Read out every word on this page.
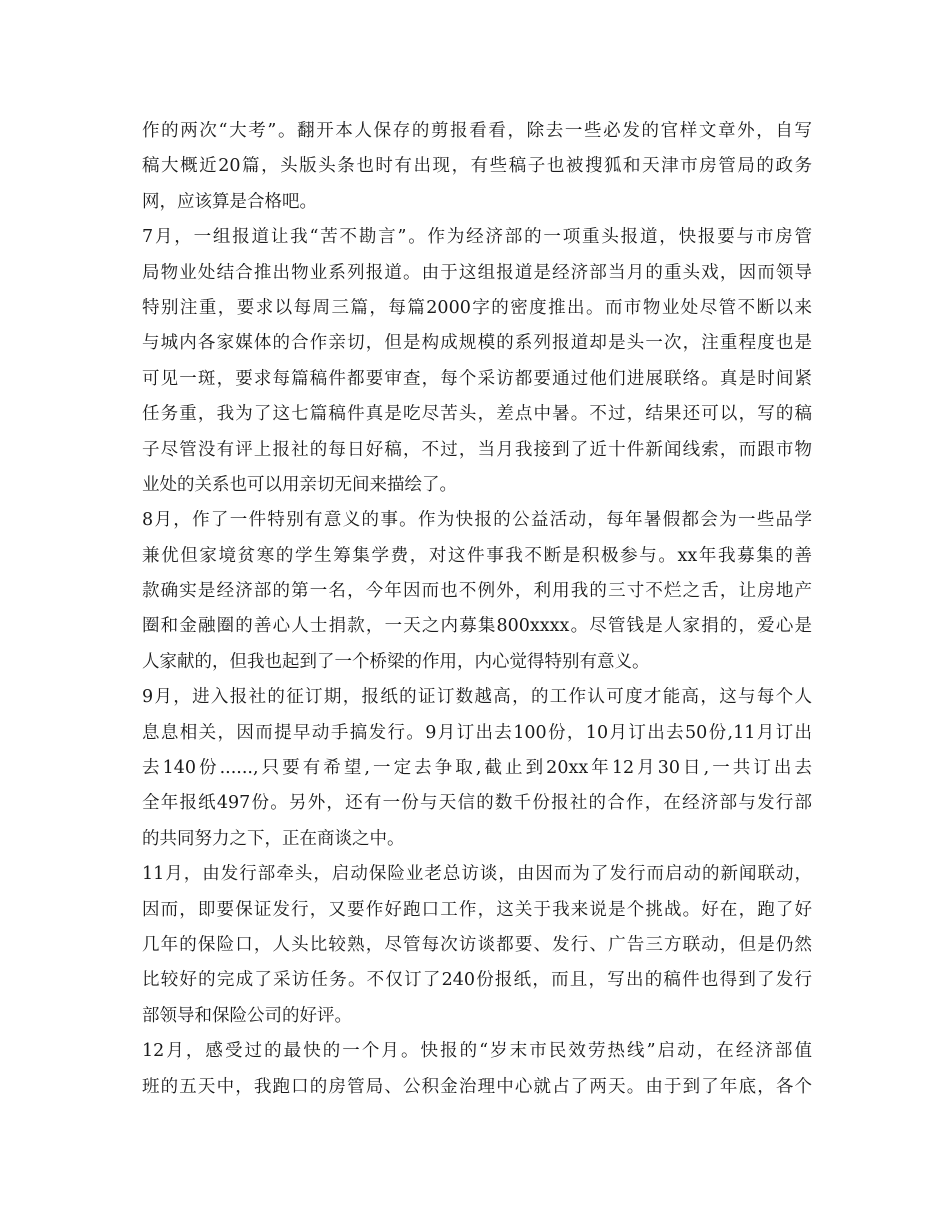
作的两次“大考”。翻开本人保存的剪报看看，除去一些必发的官样文章外，自写
稿大概近20篇，头版头条也时有出现，有些稿子也被搜狐和天津市房管局的政务
网，应该算是合格吧。
7月，一组报道让我“苦不勘言”。作为经济部的一项重头报道，快报要与市房管
局物业处结合推出物业系列报道。由于这组报道是经济部当月的重头戏，因而领导
特别注重，要求以每周三篇，每篇2000字的密度推出。而市物业处尽管不断以来
与城内各家媒体的合作亲切，但是构成规模的系列报道却是头一次，注重程度也是
可见一斑，要求每篇稿件都要审查，每个采访都要通过他们进展联络。真是时间紧
任务重，我为了这七篇稿件真是吃尽苦头，差点中暑。不过，结果还可以，写的稿
子尽管没有评上报社的每日好稿，不过，当月我接到了近十件新闻线索，而跟市物
业处的关系也可以用亲切无间来描绘了。
8月，作了一件特别有意义的事。作为快报的公益活动，每年暑假都会为一些品学
兼优但家境贫寒的学生筹集学费，对这件事我不断是积极参与。xx年我募集的善
款确实是经济部的第一名，今年因而也不例外，利用我的三寸不烂之舌，让房地产
圈和金融圈的善心人士捐款，一天之内募集800xxxx。尽管钱是人家捐的，爱心是
人家献的，但我也起到了一个桥梁的作用，内心觉得特别有意义。
9月，进入报社的征订期，报纸的证订数越高，的工作认可度才能高，这与每个人
息息相关，因而提早动手搞发行。9月订出去100份，10月订出去50份,11月订出
去140份......,只要有希望,一定去争取,截止到20xx年12月30日,一共订出去
全年报纸497份。另外，还有一份与天信的数千份报社的合作，在经济部与发行部
的共同努力之下，正在商谈之中。
11月，由发行部牵头，启动保险业老总访谈，由因而为了发行而启动的新闻联动，
因而，即要保证发行，又要作好跑口工作，这关于我来说是个挑战。好在，跑了好
几年的保险口，人头比较熟，尽管每次访谈都要、发行、广告三方联动，但是仍然
比较好的完成了采访任务。不仅订了240份报纸，而且，写出的稿件也得到了发行
部领导和保险公司的好评。
12月，感受过的最快的一个月。快报的“岁末市民效劳热线”启动，在经济部值
班的五天中，我跑口的房管局、公积金治理中心就占了两天。由于到了年底，各个
